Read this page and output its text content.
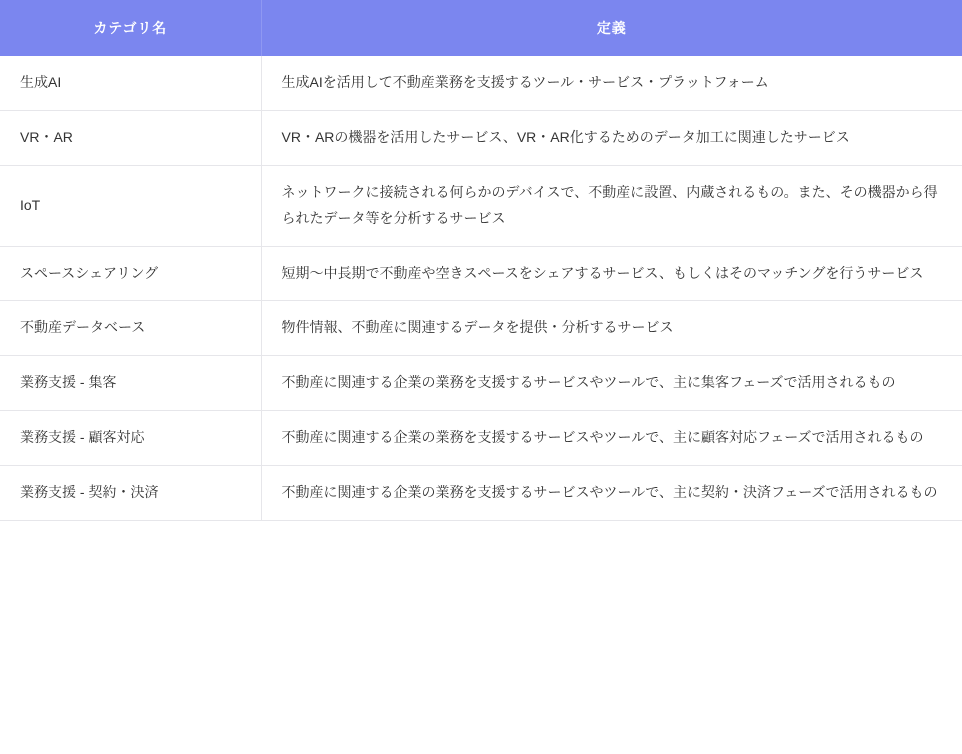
カテゴリ名	定義
生成AI	生成AIを活用して不動産業務を支援するツール・サービス・プラットフォーム
VR・AR	VR・ARの機器を活用したサービス、VR・AR化するためのデータ加工に関連したサービス
IoT	ネットワークに接続される何らかのデバイスで、不動産に設置、内蔵されるもの。また、その機器から得られたデータ等を分析するサービス
スペースシェアリング	短期〜中長期で不動産や空きスペースをシェアするサービス、もしくはそのマッチングを行うサービス
不動産データベース	物件情報、不動産に関連するデータを提供・分析するサービス
業務支援 - 集客	不動産に関連する企業の業務を支援するサービスやツールで、主に集客フェーズで活用されるもの
業務支援 - 顧客対応	不動産に関連する企業の業務を支援するサービスやツールで、主に顧客対応フェーズで活用されるもの
業務支援 - 契約・決済	不動産に関連する企業の業務を支援するサービスやツールで、主に契約・決済フェーズで活用されるもの
